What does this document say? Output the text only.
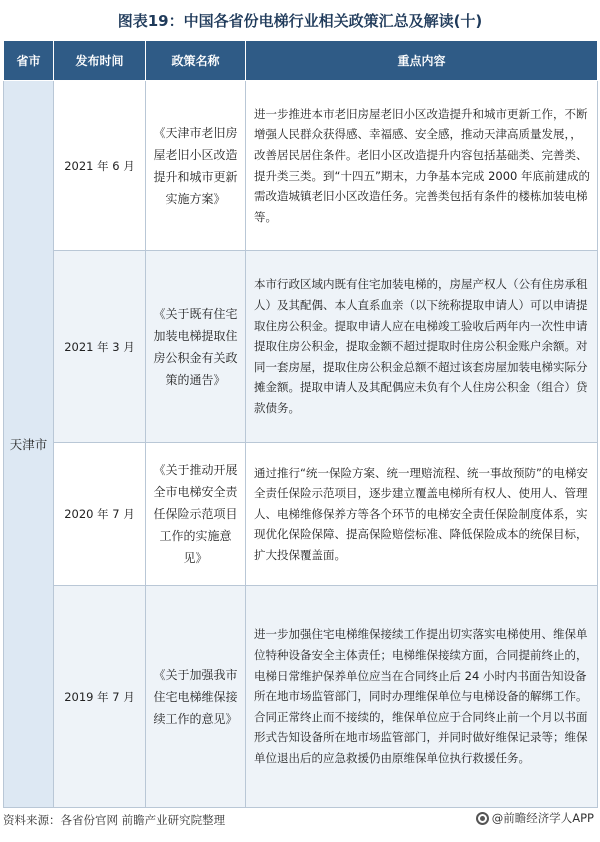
图表19：中国各省份电梯行业相关政策汇总及解读(十)
省市	发布时间	政策名称	重点内容
天津市	2021 年 6 月	《天津市老旧房屋老旧小区改造提升和城市更新实施方案》	进一步推进本市老旧房屋老旧小区改造提升和城市更新工作，不断增强人民群众获得感、幸福感、安全感，推动天津高质量发展，，改善居民居住条件。老旧小区改造提升内容包括基础类、完善类、提升类三类。到“十四五”期末，力争基本完成 2000 年底前建成的需改造城镇老旧小区改造任务。完善类包括有条件的楼栋加装电梯等。
	2021 年 3 月	《关于既有住宅加装电梯提取住房公积金有关政策的通告》	本市行政区域内既有住宅加装电梯的，房屋产权人（公有住房承租人）及其配偶、本人直系血亲（以下统称提取申请人）可以申请提取住房公积金。提取申请人应在电梯竣工验收后两年内一次性申请提取住房公积金，提取金额不超过提取时住房公积金账户余额。对同一套房屋，提取住房公积金总额不超过该套房屋加装电梯实际分摊金额。提取申请人及其配偶应未负有个人住房公积金（组合）贷款债务。
	2020 年 7 月	《关于推动开展全市电梯安全责任保险示范项目工作的实施意见》	通过推行“统一保险方案、统一理赔流程、统一事故预防”的电梯安全责任保险示范项目，逐步建立覆盖电梯所有权人、使用人、管理人、电梯维修保养方等各个环节的电梯安全责任保险制度体系，实现优化保险保障、提高保险赔偿标准、降低保险成本的统保目标，扩大投保覆盖面。
	2019 年 7 月	《关于加强我市住宅电梯维保接续工作的意见》	进一步加强住宅电梯维保接续工作提出切实落实电梯使用、维保单位特种设备安全主体责任；电梯维保接续方面，合同提前终止的，电梯日常维护保养单位应当在合同终止后 24 小时内书面告知设备所在地市场监管部门，同时办理维保单位与电梯设备的解绑工作。合同正常终止而不接续的，维保单位应于合同终止前一个月以书面形式告知设备所在地市场监管部门，并同时做好维保记录等；维保单位退出后的应急救援仍由原维保单位执行救援任务。
资料来源：各省份官网 前瞻产业研究院整理	@前瞻经济学人APP
